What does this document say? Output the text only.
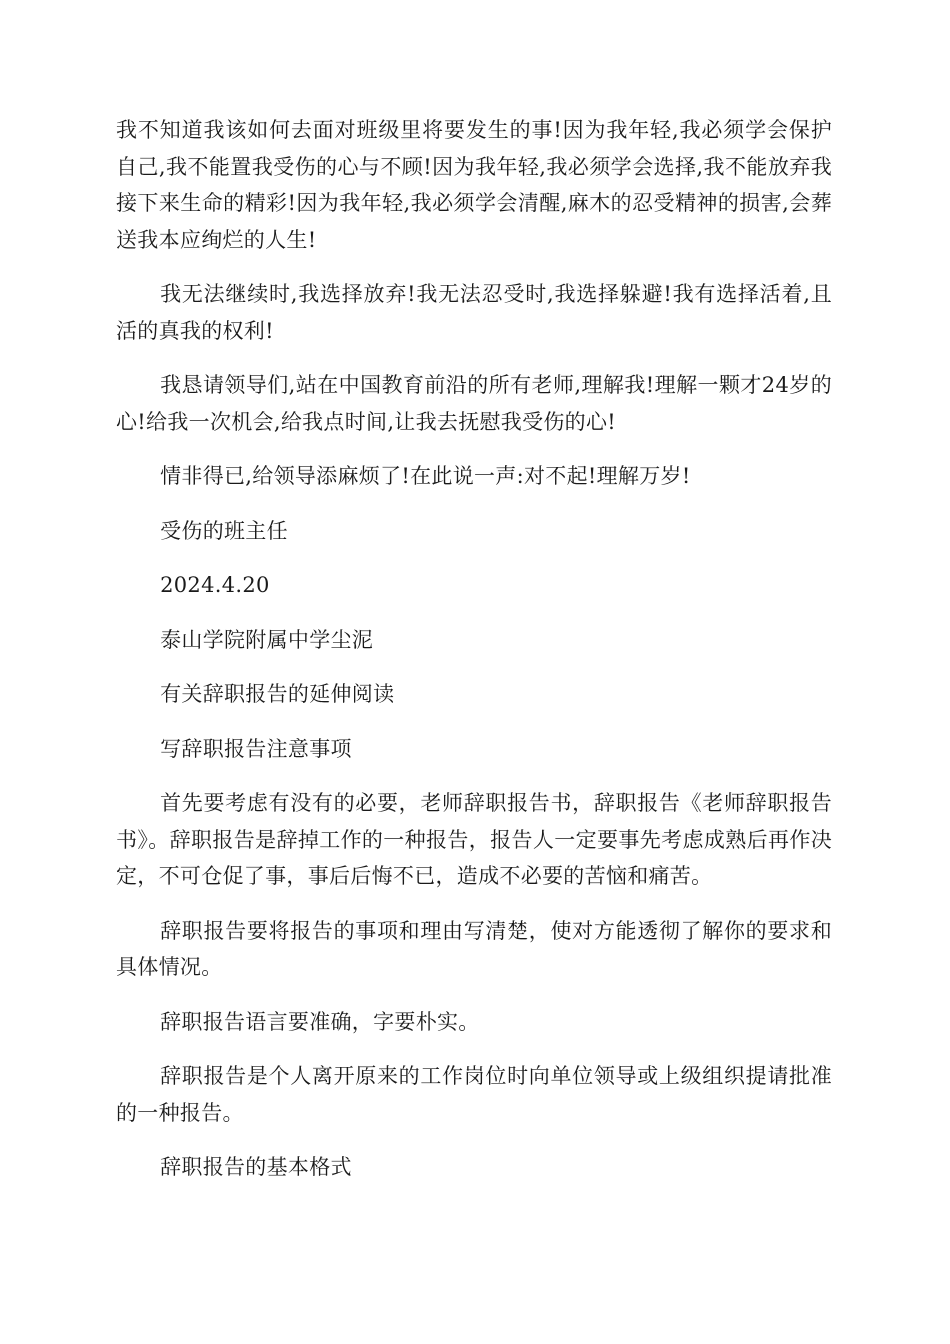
我不知道我该如何去面对班级里将要发生的事!因为我年轻,我必须学会保护自己,我不能置我受伤的心与不顾!因为我年轻,我必须学会选择,我不能放弃我接下来生命的精彩!因为我年轻,我必须学会清醒,麻木的忍受精神的损害,会葬送我本应绚烂的人生!

我无法继续时,我选择放弃!我无法忍受时,我选择躲避!我有选择活着,且活的真我的权利!

我恳请领导们,站在中国教育前沿的所有老师,理解我!理解一颗才24岁的心!给我一次机会,给我点时间,让我去抚慰我受伤的心!

情非得已,给领导添麻烦了!在此说一声:对不起!理解万岁!

受伤的班主任

2024.4.20

泰山学院附属中学尘泥

有关辞职报告的延伸阅读

写辞职报告注意事项

首先要考虑有没有的必要，老师辞职报告书，辞职报告《老师辞职报告书》。辞职报告是辞掉工作的一种报告，报告人一定要事先考虑成熟后再作决定，不可仓促了事，事后后悔不已，造成不必要的苦恼和痛苦。

辞职报告要将报告的事项和理由写清楚，使对方能透彻了解你的要求和具体情况。

辞职报告语言要准确，字要朴实。

辞职报告是个人离开原来的工作岗位时向单位领导或上级组织提请批准的一种报告。

辞职报告的基本格式
